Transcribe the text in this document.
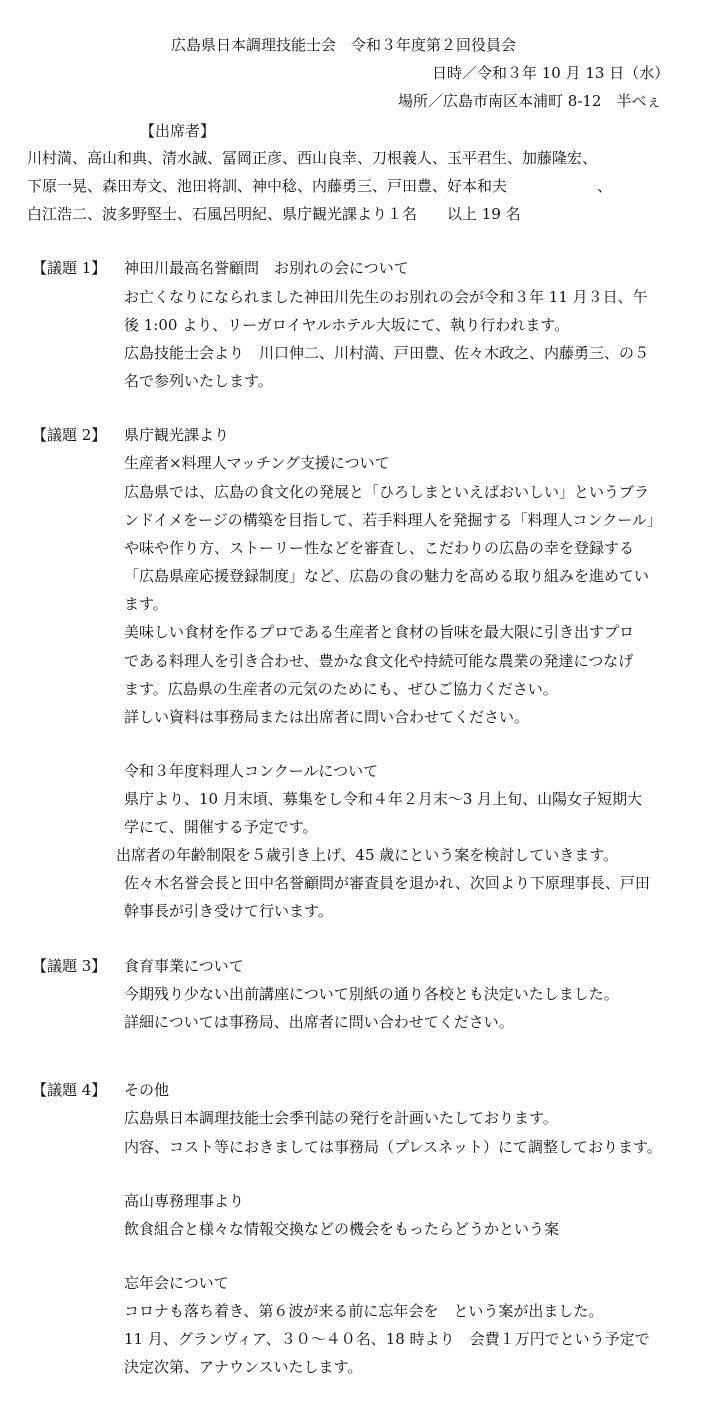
広島県日本調理技能士会　令和３年度第２回役員会
日時／令和３年 10 月 13 日（水）
場所／広島市南区本浦町 8-12　半べぇ
【出席者】
川村満、高山和典、清水誠、冨岡正彦、西山良幸、刀根義人、玉平君生、加藤隆宏、
下原一晃、森田寿文、池田将訓、神中稔、内藤勇三、戸田豊、好本和夫　　　　　　、
白江浩二、波多野堅士、石風呂明紀、県庁観光課より１名　　以上 19 名
【議題 1】 神田川最高名誉顧問　お別れの会について
お亡くなりになられました神田川先生のお別れの会が令和３年 11 月３日、午
後 1:00 より、リーガロイヤルホテル大坂にて、執り行われます。
広島技能士会より　川口伸二、川村満、戸田豊、佐々木政之、内藤勇三、の５
名で参列いたします。
【議題 2】 県庁観光課より
生産者×料理人マッチング支援について
広島県では、広島の食文化の発展と「ひろしまといえばおいしい」というブラ
ンドイメをージの構築を目指して、若手料理人を発掘する「料理人コンクール」
や味や作り方、ストーリー性などを審査し、こだわりの広島の幸を登録する
「広島県産応援登録制度」など、広島の食の魅力を高める取り組みを進めてい
ます。
美味しい食材を作るプロである生産者と食材の旨味を最大限に引き出すプロ
である料理人を引き合わせ、豊かな食文化や持続可能な農業の発達につなげ
ます。広島県の生産者の元気のためにも、ぜひご協力ください。
詳しい資料は事務局または出席者に問い合わせてください。
令和３年度料理人コンクールについて
県庁より、10 月末頃、募集をし令和４年２月末～3 月上旬、山陽女子短期大
学にて、開催する予定です。
出席者の年齢制限を５歳引き上げ、45 歳にという案を検討していきます。
佐々木名誉会長と田中名誉顧問が審査員を退かれ、次回より下原理事長、戸田
幹事長が引き受けて行います。
【議題 3】 食育事業について
今期残り少ない出前講座について別紙の通り各校とも決定いたしました。
詳細については事務局、出席者に問い合わせてください。
【議題 4】 その他
広島県日本調理技能士会季刊誌の発行を計画いたしております。
内容、コスト等におきましては事務局（プレスネット）にて調整しております。
高山専務理事より
飲食組合と様々な情報交換などの機会をもったらどうかという案
忘年会について
コロナも落ち着き、第６波が来る前に忘年会を　という案が出ました。
11 月、グランヴィア、３０～４０名、18 時より　会費１万円でという予定で
決定次第、アナウンスいたします。
